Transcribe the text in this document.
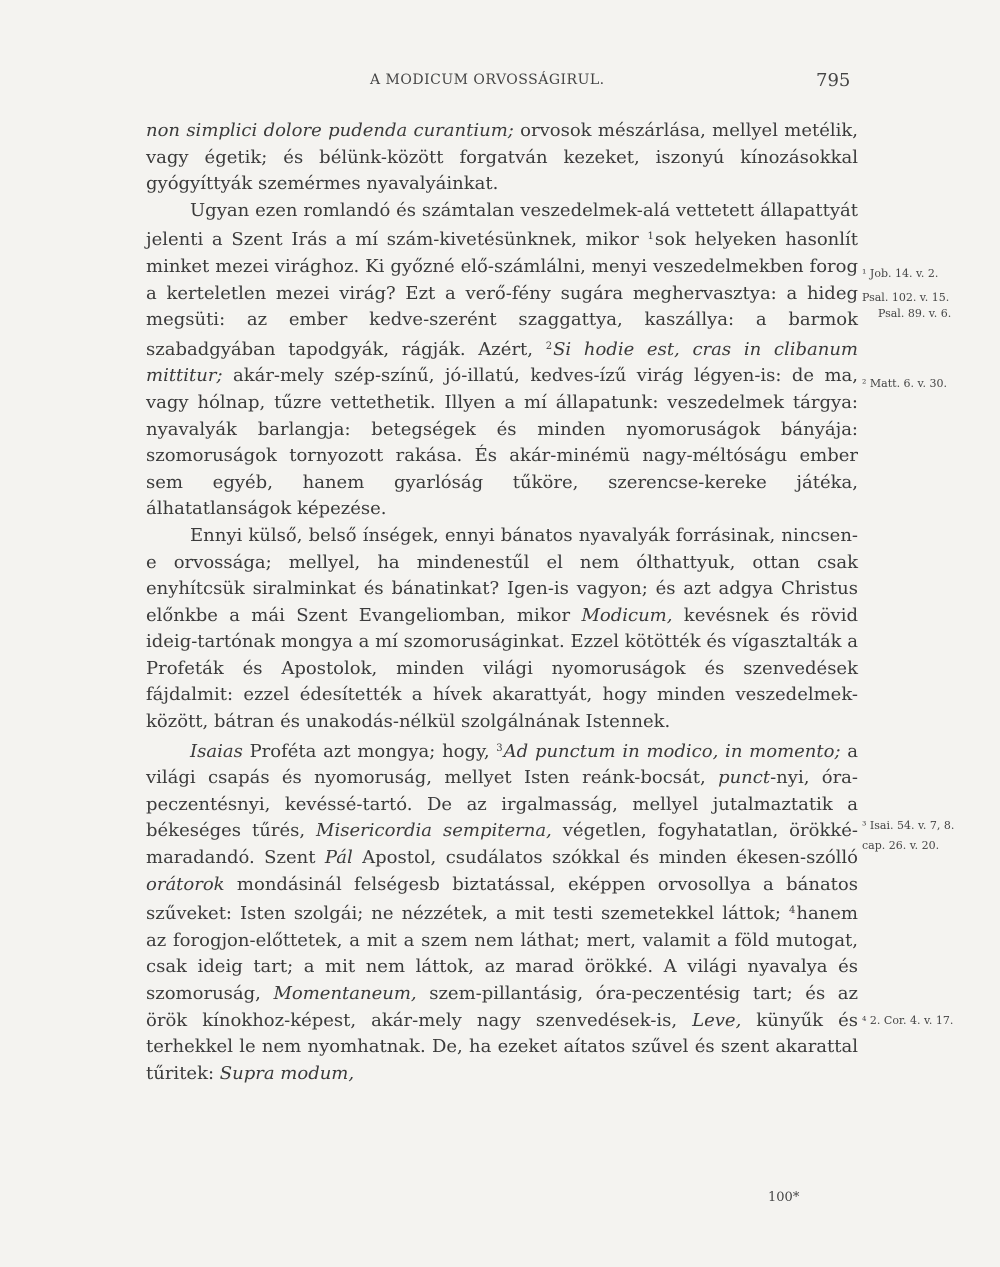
A MODICUM ORVOSSÁGIRUL.	795

non simplici dolore pudenda curantium; orvosok mészárlása, mellyel metélik, vagy égetik; és bélünk-között forgatván kezeket, iszonyú kínozásokkal gyógyíttyák szemérmes nyavalyáinkat.

Ugyan ezen romlandó és számtalan veszedelmek-alá vettetett állapattyát jelenti a Szent Irás a mí szám-kivetésünknek, mikor $^1$sok helyeken hasonlít minket mezei virághoz. Ki győzné elő-számlálni, menyi veszedelmekben forog a kerteletlen mezei virág? Ezt a verő-fény sugára meghervasztya: a hideg megsüti: az ember kedve-szerént szaggattya, kaszállya: a barmok szabadgyában tapodgyák, rágják. Azért, $^2$Si hodie est, cras in clibanum mittitur; akár-mely szép-színű, jó-illatú, kedves-ízű virág légyen-is: de ma, vagy hólnap, tűzre vettethetik. Illyen a mí állapatunk: veszedelmek tárgya: nyavalyák barlangja: betegségek és minden nyomoruságok bányája: szomoruságok tornyozott rakása. És akár-minémü nagy-méltóságu ember sem egyéb, hanem gyarlóság tűköre, szerencse-kereke játéka, álhatatlanságok képezése.

Ennyi külső, belső ínségek, ennyi bánatos nyavalyák forrásinak, nincsen-e orvossága; mellyel, ha mindenestűl el nem ólthattyuk, ottan csak enyhítcsük siralminkat és bánatinkat? Igen-is vagyon; és azt adgya Christus előnkbe a mái Szent Evangeliomban, mikor Modicum, kevésnek és rövid ideig-tartónak mongya a mí szomoruságinkat. Ezzel kötötték és vígasztalták a Profeták és Apostolok, minden világi nyomoruságok és szenvedések fájdalmit: ezzel édesítették a hívek akarattyát, hogy minden veszedelmek-között, bátran és unakodás-nélkül szolgálnának Istennek.

Isaias Proféta azt mongya; hogy, $^3$Ad punctum in modico, in momento; a világi csapás és nyomoruság, mellyet Isten reánk-bocsát, punct-nyi, óra-peczentésnyi, kevéssé-tartó. De az irgalmasság, mellyel jutalmaztatik a békeséges tűrés, Misericordia sempiterna, végetlen, fogyhatatlan, örökké-maradandó. Szent Pál Apostol, csudálatos szókkal és minden ékesen-szólló orátorok mondásinál felségesb biztatással, eképpen orvosollya a bánatos szűveket: Isten szolgái; ne nézzétek, a mit testi szemetekkel láttok; $^4$hanem az forogjon-előttetek, a mit a szem nem láthat; mert, valamit a föld mutogat, csak ideig tart; a mit nem láttok, az marad örökké. A világi nyavalya és szomoruság, Momentaneum, szem-pillantásig, óra-peczentésig tart; és az örök kínokhoz-képest, akár-mely nagy szenvedések-is, Leve, künyűk és terhekkel le nem nyomhatnak. De, ha ezeket aítatos szűvel és szent akarattal tűritek: Supra modum,

¹ Job. 14. v. 2.
Psal. 102. v. 15.
Psal. 89. v. 6.
² Matt. 6. v. 30.
³ Isai. 54. v. 7, 8.
cap. 26. v. 20.
⁴ 2. Cor. 4. v. 17.
100*
